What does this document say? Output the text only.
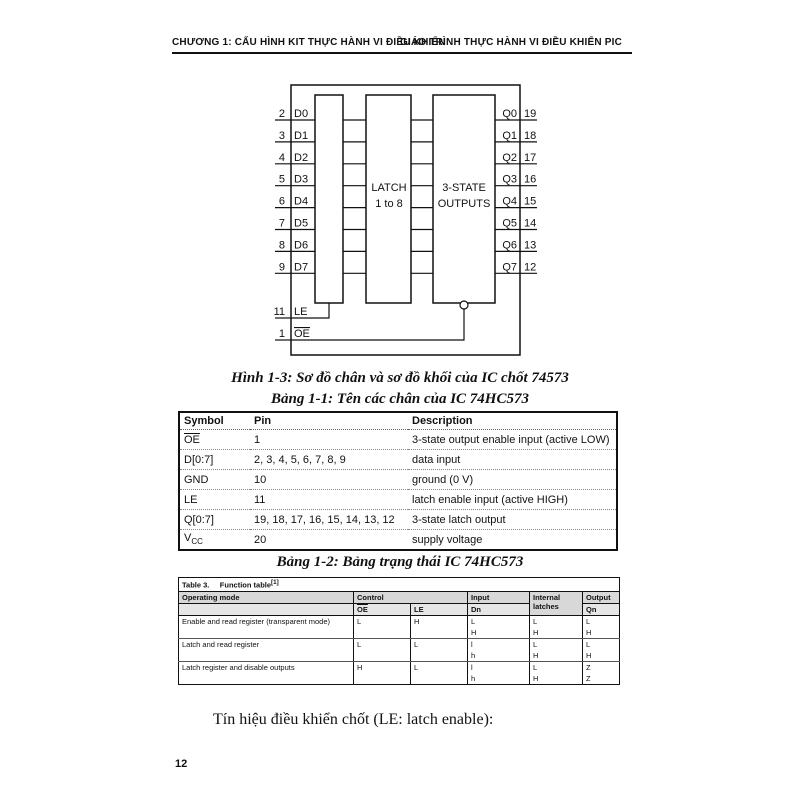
CHƯƠNG 1: CẤU HÌNH KIT THỰC HÀNH VI ĐIỀU KHIỂN
GIÁO TRÌNH THỰC HÀNH VI ĐIỀU KHIỂN PIC
LATCH
1 to 8
3-STATE
OUTPUTS
2 D0
3 D1
4 D2
5 D3
6 D4
7 D5
8 D6
9 D7
Q0 19
Q1 18
Q2 17
Q3 16
Q4 15
Q5 14
Q6 13
Q7 12
11 LE
1 OE
Hình 1-3: Sơ đồ chân và sơ đồ khối của IC chốt 74573
Bảng 1-1: Tên các chân của IC 74HC573
Symbol	Pin	Description
$\overline{OE}$	1	3-state output enable input (active LOW)
D[0:7]	2, 3, 4, 5, 6, 7, 8, 9	data input
GND	10	ground (0 V)
LE	11	latch enable input (active HIGH)
Q[0:7]	19, 18, 17, 16, 15, 14, 13, 12	3-state latch output
$V_{CC}$	20	supply voltage
Bảng 1-2: Bảng trạng thái IC 74HC573
Table 3. Function table[1]
Operating mode	Control		Input	Internal latches	Output
	$\overline{OE}$	LE	Dn		Qn
Enable and read register (transparent mode)	L	H	L	L	L
			H	H	H
Latch and read register	L	L	l	L	L
			h	H	H
Latch register and disable outputs	H	L	l	L	Z
			h	H	Z
Tín hiệu điều khiển chốt (LE: latch enable):
12
